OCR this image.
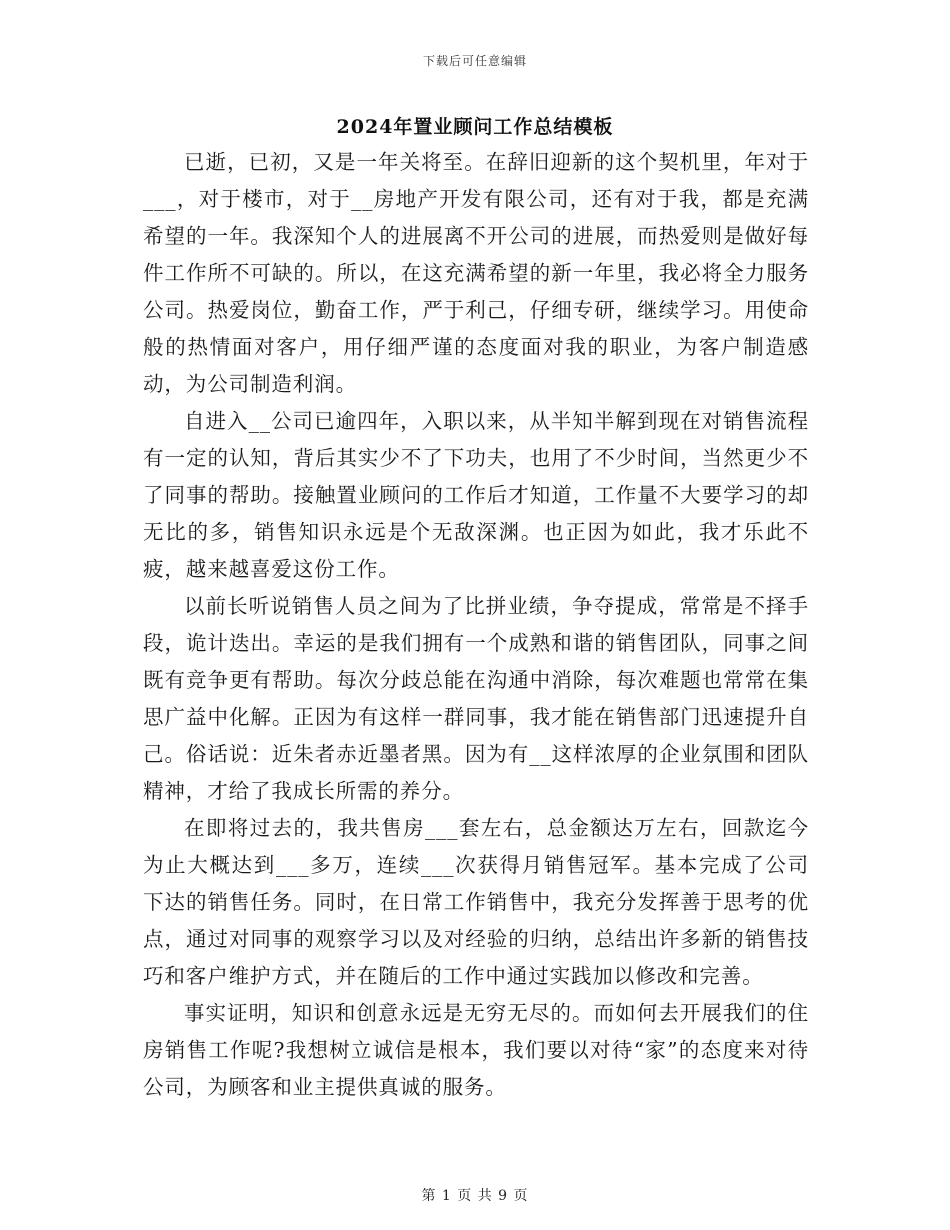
下载后可任意编辑
2024年置业顾问工作总结模板

已逝，已初，又是一年关将至。在辞旧迎新的这个契机里，年对于___，对于楼市，对于__房地产开发有限公司，还有对于我，都是充满希望的一年。我深知个人的进展离不开公司的进展，而热爱则是做好每件工作所不可缺的。所以，在这充满希望的新一年里，我必将全力服务公司。热爱岗位，勤奋工作，严于利己，仔细专研，继续学习。用使命般的热情面对客户，用仔细严谨的态度面对我的职业，为客户制造感动，为公司制造利润。

自进入__公司已逾四年，入职以来，从半知半解到现在对销售流程有一定的认知，背后其实少不了下功夫，也用了不少时间，当然更少不了同事的帮助。接触置业顾问的工作后才知道，工作量不大要学习的却无比的多，销售知识永远是个无敌深渊。也正因为如此，我才乐此不疲，越来越喜爱这份工作。

以前长听说销售人员之间为了比拼业绩，争夺提成，常常是不择手段，诡计迭出。幸运的是我们拥有一个成熟和谐的销售团队，同事之间既有竞争更有帮助。每次分歧总能在沟通中消除，每次难题也常常在集思广益中化解。正因为有这样一群同事，我才能在销售部门迅速提升自己。俗话说：近朱者赤近墨者黑。因为有__这样浓厚的企业氛围和团队精神，才给了我成长所需的养分。

在即将过去的，我共售房___套左右，总金额达万左右，回款迄今为止大概达到___多万，连续___次获得月销售冠军。基本完成了公司下达的销售任务。同时，在日常工作销售中，我充分发挥善于思考的优点，通过对同事的观察学习以及对经验的归纳，总结出许多新的销售技巧和客户维护方式，并在随后的工作中通过实践加以修改和完善。

事实证明，知识和创意永远是无穷无尽的。而如何去开展我们的住房销售工作呢?我想树立诚信是根本，我们要以对待“家”的态度来对待公司，为顾客和业主提供真诚的服务。

第 1 页 共 9 页
